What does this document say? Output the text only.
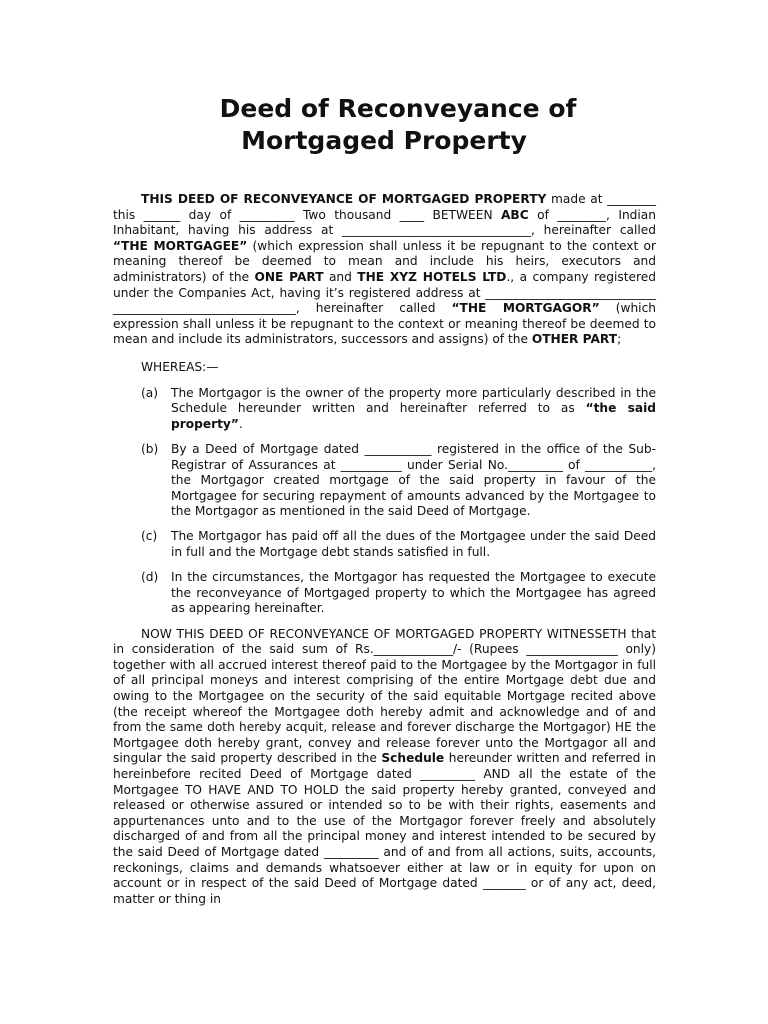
Deed of Reconveyance of
Mortgaged Property

THIS DEED OF RECONVEYANCE OF MORTGAGED PROPERTY made at ________ this ______ day of _________ Two thousand ____ BETWEEN ABC of ________, Indian Inhabitant, having his address at _______________________________, hereinafter called “THE MORTGAGEE” (which expression shall unless it be repugnant to the context or meaning thereof be deemed to mean and include his heirs, executors and administrators) of the ONE PART and THE XYZ HOTELS LTD., a company registered under the Companies Act, having it’s registered address at ____________________________ ______________________________, hereinafter called “THE MORTGAGOR” (which expression shall unless it be repugnant to the context or meaning thereof be deemed to mean and include its administrators, successors and assigns) of the OTHER PART;

WHEREAS:—

(a) The Mortgagor is the owner of the property more particularly described in the Schedule hereunder written and hereinafter referred to as “the said property”.
(b) By a Deed of Mortgage dated ___________ registered in the office of the Sub-Registrar of Assurances at __________ under Serial No._________ of ___________, the Mortgagor created mortgage of the said property in favour of the Mortgagee for securing repayment of amounts advanced by the Mortgagee to the Mortgagor as mentioned in the said Deed of Mortgage.
(c) The Mortgagor has paid off all the dues of the Mortgagee under the said Deed in full and the Mortgage debt stands satisfied in full.
(d) In the circumstances, the Mortgagor has requested the Mortgagee to execute the reconveyance of Mortgaged property to which the Mortgagee has agreed as appearing hereinafter.

NOW THIS DEED OF RECONVEYANCE OF MORTGAGED PROPERTY WITNESSETH that in consideration of the said sum of Rs._____________/- (Rupees _______________ only) together with all accrued interest thereof paid to the Mortgagee by the Mortgagor in full of all principal moneys and interest comprising of the entire Mortgage debt due and owing to the Mortgagee on the security of the said equitable Mortgage recited above (the receipt whereof the Mortgagee doth hereby admit and acknowledge and of and from the same doth hereby acquit, release and forever discharge the Mortgagor) HE the Mortgagee doth hereby grant, convey and release forever unto the Mortgagor all and singular the said property described in the Schedule hereunder written and referred in hereinbefore recited Deed of Mortgage dated _________ AND all the estate of the Mortgagee TO HAVE AND TO HOLD the said property hereby granted, conveyed and released or otherwise assured or intended so to be with their rights, easements and appurtenances unto and to the use of the Mortgagor forever freely and absolutely discharged of and from all the principal money and interest intended to be secured by the said Deed of Mortgage dated _________ and of and from all actions, suits, accounts, reckonings, claims and demands whatsoever either at law or in equity for upon on account or in respect of the said Deed of Mortgage dated _______ or of any act, deed, matter or thing in
